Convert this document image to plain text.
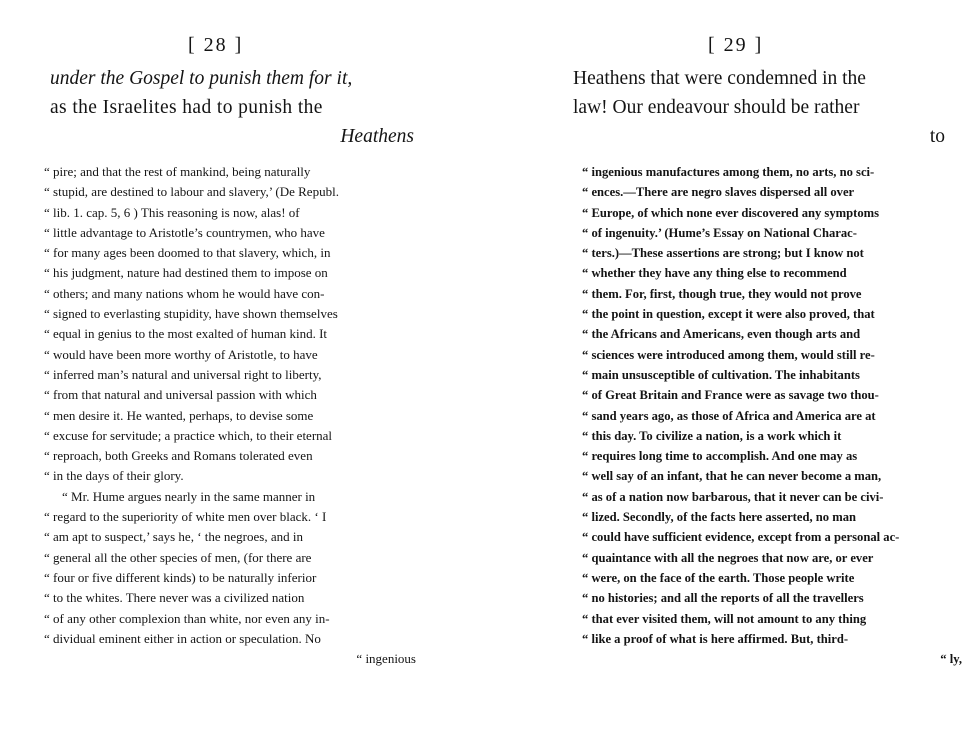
[ 28 ]
under the Gospel to punish them for it,
as the Israelites had to punish the
Heathens
“ pire; and that the rest of mankind, being naturally
“ stupid, are destined to labour and slavery,’ (De Republ.
“ lib. 1. cap. 5, 6 ) This reasoning is now, alas! of
“ little advantage to Aristotle’s countrymen, who have
“ for many ages been doomed to that slavery, which, in
“ his judgment, nature had destined them to impose on
“ others; and many nations whom he would have con-
“ signed to everlasting stupidity, have shown themselves
“ equal in genius to the most exalted of human kind. It
“ would have been more worthy of Aristotle, to have
“ inferred man’s natural and universal right to liberty,
“ from that natural and universal passion with which
“ men desire it. He wanted, perhaps, to devise some
“ excuse for servitude; a practice which, to their eternal
“ reproach, both Greeks and Romans tolerated even
“ in the days of their glory.
“ Mr. Hume argues nearly in the same manner in
“ regard to the superiority of white men over black. ‘ I
“ am apt to suspect,’ says he, ‘ the negroes, and in
“ general all the other species of men, (for there are
“ four or five different kinds) to be naturally inferior
“ to the whites. There never was a civilized nation
“ of any other complexion than white, nor even any in-
“ dividual eminent either in action or speculation. No
“ ingenious
[ 29 ]
Heathens that were condemned in the
law! Our endeavour should be rather
to
“ ingenious manufactures among them, no arts, no sci-
“ ences.—There are negro slaves dispersed all over
“ Europe, of which none ever discovered any symptoms
“ of ingenuity.’ (Hume’s Essay on National Charac-
“ ters.)—These assertions are strong; but I know not
“ whether they have any thing else to recommend
“ them. For, first, though true, they would not prove
“ the point in question, except it were also proved, that
“ the Africans and Americans, even though arts and
“ sciences were introduced among them, would still re-
“ main unsusceptible of cultivation. The inhabitants
“ of Great Britain and France were as savage two thou-
“ sand years ago, as those of Africa and America are at
“ this day. To civilize a nation, is a work which it
“ requires long time to accomplish. And one may as
“ well say of an infant, that he can never become a man,
“ as of a nation now barbarous, that it never can be civi-
“ lized. Secondly, of the facts here asserted, no man
“ could have sufficient evidence, except from a personal ac-
“ quaintance with all the negroes that now are, or ever
“ were, on the face of the earth. Those people write
“ no histories; and all the reports of all the travellers
“ that ever visited them, will not amount to any thing
“ like a proof of what is here affirmed. But, third-
“ ly,
